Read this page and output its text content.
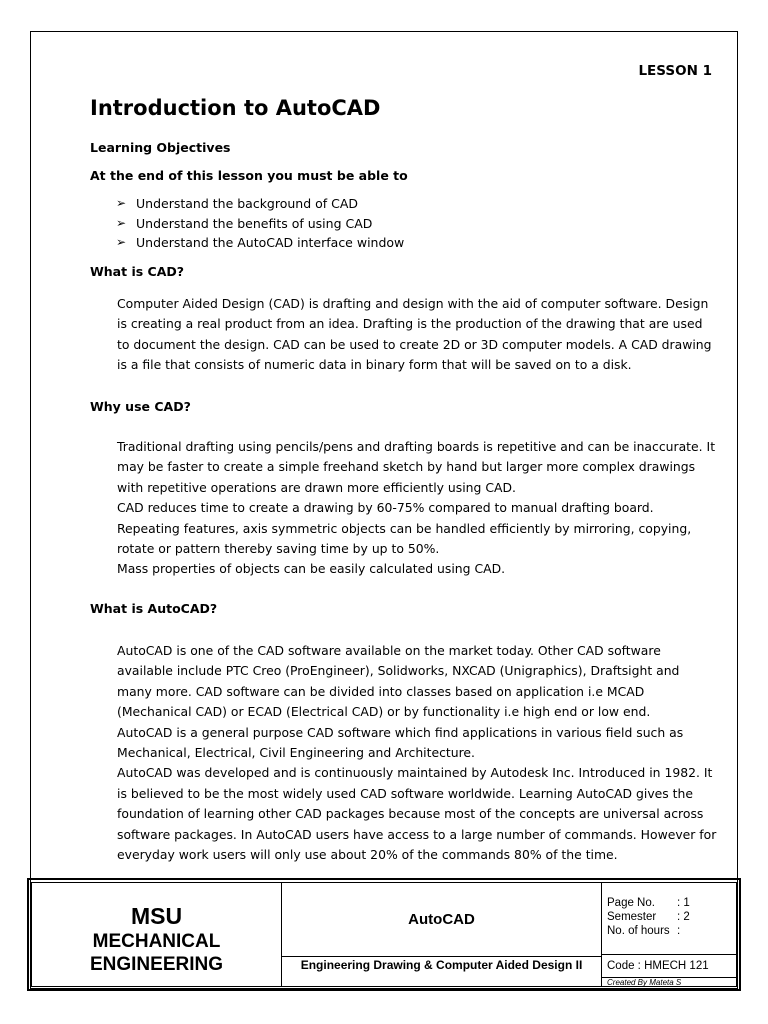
LESSON 1
Introduction to AutoCAD
Learning Objectives
At the end of this lesson you must be able to
➢ Understand the background of CAD
➢ Understand the benefits of using CAD
➢ Understand the AutoCAD interface window
What is CAD?

Computer Aided Design (CAD) is drafting and design with the aid of computer software. Design is creating a real product from an idea. Drafting is the production of the drawing that are used to document the design. CAD can be used to create 2D or 3D computer models. A CAD drawing is a file that consists of numeric data in binary form that will be saved on to a disk.

Why use CAD?

Traditional drafting using pencils/pens and drafting boards is repetitive and can be inaccurate. It may be faster to create a simple freehand sketch by hand but larger more complex drawings with repetitive operations are drawn more efficiently using CAD.

CAD reduces time to create a drawing by 60-75% compared to manual drafting board.

Repeating features, axis symmetric objects can be handled efficiently by mirroring, copying, rotate or pattern thereby saving time by up to 50%.

Mass properties of objects can be easily calculated using CAD.

What is AutoCAD?

AutoCAD is one of the CAD software available on the market today. Other CAD software available include PTC Creo (ProEngineer), Solidworks, NXCAD (Unigraphics), Draftsight and many more. CAD software can be divided into classes based on application i.e MCAD (Mechanical CAD) or ECAD (Electrical CAD) or by functionality i.e high end or low end.

AutoCAD is a general purpose CAD software which find applications in various field such as Mechanical, Electrical, Civil Engineering and Architecture.

AutoCAD was developed and is continuously maintained by Autodesk Inc. Introduced in 1982. It is believed to be the most widely used CAD software worldwide. Learning AutoCAD gives the foundation of learning other CAD packages because most of the concepts are universal across software packages. In AutoCAD users have access to a large number of commands. However for everyday work users will only use about 20% of the commands 80% of the time.

MSU
MECHANICAL
ENGINEERING
AutoCAD
Engineering Drawing & Computer Aided Design II
Page No. : 1
Semester : 2
No. of hours :
Code : HMECH 121
Created By Mateta S
